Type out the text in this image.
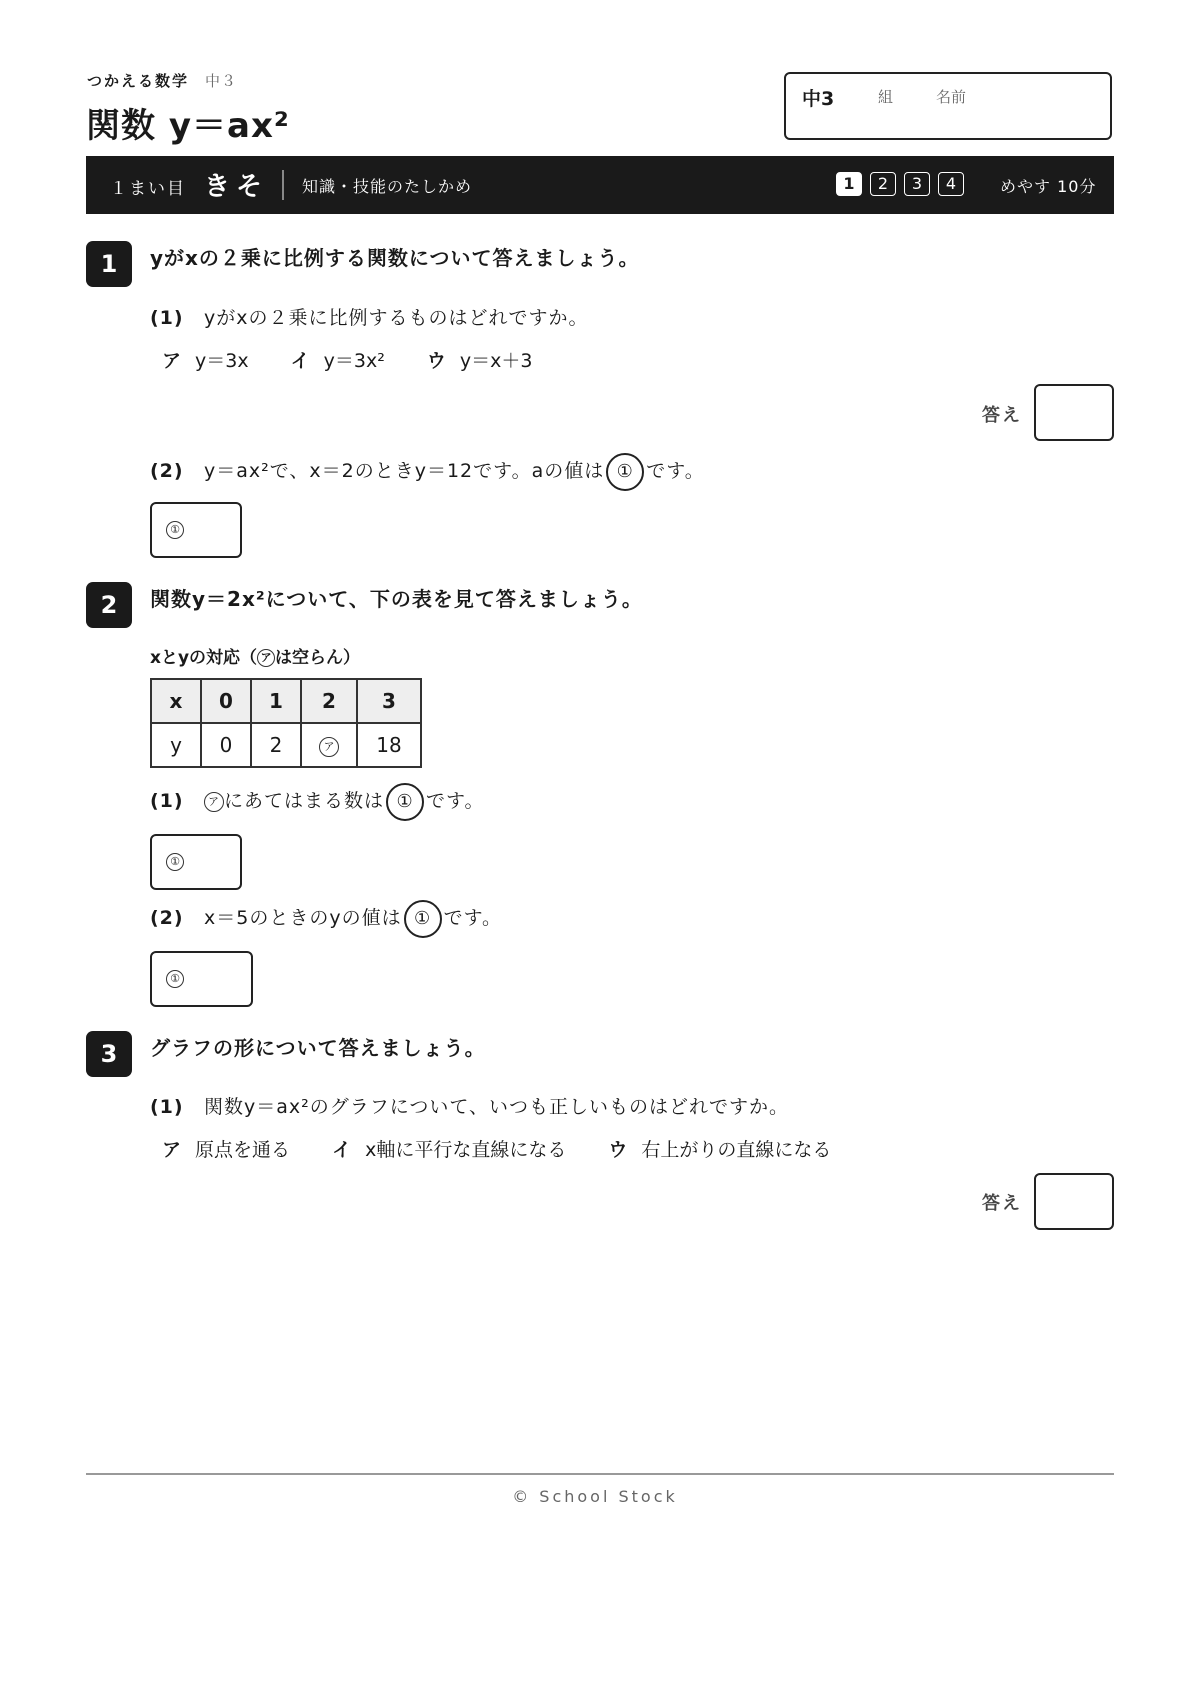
つかえる数学 中３
関数 y＝ax²
中3	組	名前
１まい目 きそ 知識・技能のたしかめ	1	2	3	4	めやす 10分
1	yがxの２乗に比例する関数について答えましょう。
(1) yがxの２乗に比例するものはどれですか。
ア y＝3x イ y＝3x² ウ y＝x＋3
答え
(2) y＝ax²で、x＝2のときy＝12です。aの値は ① です。
①
2	関数y＝2x²について、下の表を見て答えましょう。
xとyの対応（ ア は空らん）
x	0	1	2	3
y	0	2	ア	18
(1) ア にあてはまる数は ① です。
①
(2) x＝5のときのyの値は ① です。
①
3	グラフの形について答えましょう。
(1) 関数y＝ax²のグラフについて、いつも正しいものはどれですか。
ア 原点を通る イ x軸に平行な直線になる ウ 右上がりの直線になる
答え
© School Stock
